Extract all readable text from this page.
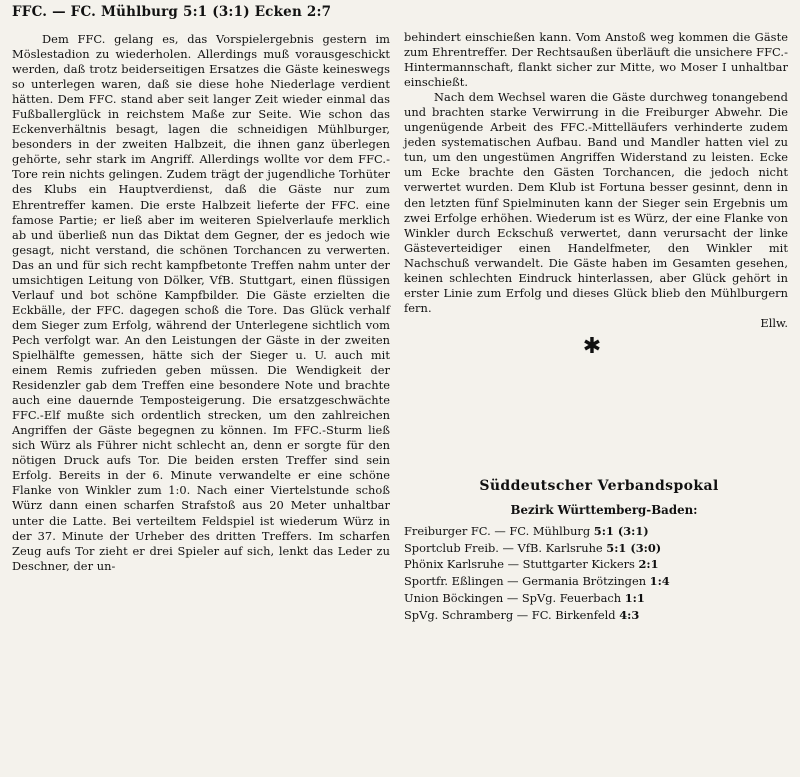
FFC. — FC. Mühlburg 5:1 (3:1) Ecken 2:7

Dem FFC. gelang es, das Vorspielergebnis gestern im Möslestadion zu wiederholen. Allerdings muß vorausgeschickt werden, daß trotz beiderseitigen Ersatzes die Gäste keineswegs so unterlegen waren, daß sie diese hohe Niederlage verdient hätten. Dem FFC. stand aber seit langer Zeit wieder einmal das Fußballerglück in reichstem Maße zur Seite. Wie schon das Eckenverhältnis besagt, lagen die schneidigen Mühlburger, besonders in der zweiten Halbzeit, die ihnen ganz überlegen gehörte, sehr stark im Angriff. Allerdings wollte vor dem FFC.-Tore rein nichts gelingen. Zudem trägt der jugendliche Torhüter des Klubs ein Hauptverdienst, daß die Gäste nur zum Ehrentreffer kamen. Die erste Halbzeit lieferte der FFC. eine famose Partie; er ließ aber im weiteren Spielverlaufe merklich ab und überließ nun das Diktat dem Gegner, der es jedoch wie gesagt, nicht verstand, die schönen Torchancen zu verwerten. Das an und für sich recht kampfbetonte Treffen nahm unter der umsichtigen Leitung von Dölker, VfB. Stuttgart, einen flüssigen Verlauf und bot schöne Kampfbilder. Die Gäste erzielten die Eckbälle, der FFC. dagegen schoß die Tore. Das Glück verhalf dem Sieger zum Erfolg, während der Unterlegene sichtlich vom Pech verfolgt war. An den Leistungen der Gäste in der zweiten Spielhälfte gemessen, hätte sich der Sieger u. U. auch mit einem Remis zufrieden geben müssen. Die Wendigkeit der Residenzler gab dem Treffen eine besondere Note und brachte auch eine dauernde Temposteigerung. Die ersatzgeschwächte FFC.-Elf mußte sich ordentlich strecken, um den zahlreichen Angriffen der Gäste begegnen zu können. Im FFC.-Sturm ließ sich Würz als Führer nicht schlecht an, denn er sorgte für den nötigen Druck aufs Tor. Die beiden ersten Treffer sind sein Erfolg. Bereits in der 6. Minute verwandelte er eine schöne Flanke von Winkler zum 1:0. Nach einer Viertelstunde schoß Würz dann einen scharfen Strafstoß aus 20 Meter unhaltbar unter die Latte. Bei verteiltem Feldspiel ist wiederum Würz in der 37. Minute der Urheber des dritten Treffers. Im scharfen Zeug aufs Tor zieht er drei Spieler auf sich, lenkt das Leder zu Deschner, der un-

behindert einschießen kann. Vom Anstoß weg kommen die Gäste zum Ehrentreffer. Der Rechtsaußen überläuft die unsichere FFC.-Hintermannschaft, flankt sicher zur Mitte, wo Moser I unhaltbar einschießt.

Nach dem Wechsel waren die Gäste durchweg tonangebend und brachten starke Verwirrung in die Freiburger Abwehr. Die ungenügende Arbeit des FFC.-Mittelläufers verhinderte zudem jeden systematischen Aufbau. Band und Mandler hatten viel zu tun, um den ungestümen Angriffen Widerstand zu leisten. Ecke um Ecke brachte den Gästen Torchancen, die jedoch nicht verwertet wurden. Dem Klub ist Fortuna besser gesinnt, denn in den letzten fünf Spielminuten kann der Sieger sein Ergebnis um zwei Erfolge erhöhen. Wiederum ist es Würz, der eine Flanke von Winkler durch Eckschuß verwertet, dann verursacht der linke Gästeverteidiger einen Handelfmeter, den Winkler mit Nachschuß verwandelt. Die Gäste haben im Gesamten gesehen, keinen schlechten Eindruck hinterlassen, aber Glück gehört in erster Linie zum Erfolg und dieses Glück blieb den Mühlburgern fern.

Ellw.
✱
Süddeutscher Verbandspokal
Bezirk Württemberg-Baden:
Freiburger FC. — FC. Mühlburg 5:1 (3:1)
Sportclub Freib. — VfB. Karlsruhe 5:1 (3:0)
Phönix Karlsruhe — Stuttgarter Kickers 2:1
Sportfr. Eßlingen — Germania Brötzingen 1:4
Union Böckingen — SpVg. Feuerbach 1:1
SpVg. Schramberg — FC. Birkenfeld 4:3
